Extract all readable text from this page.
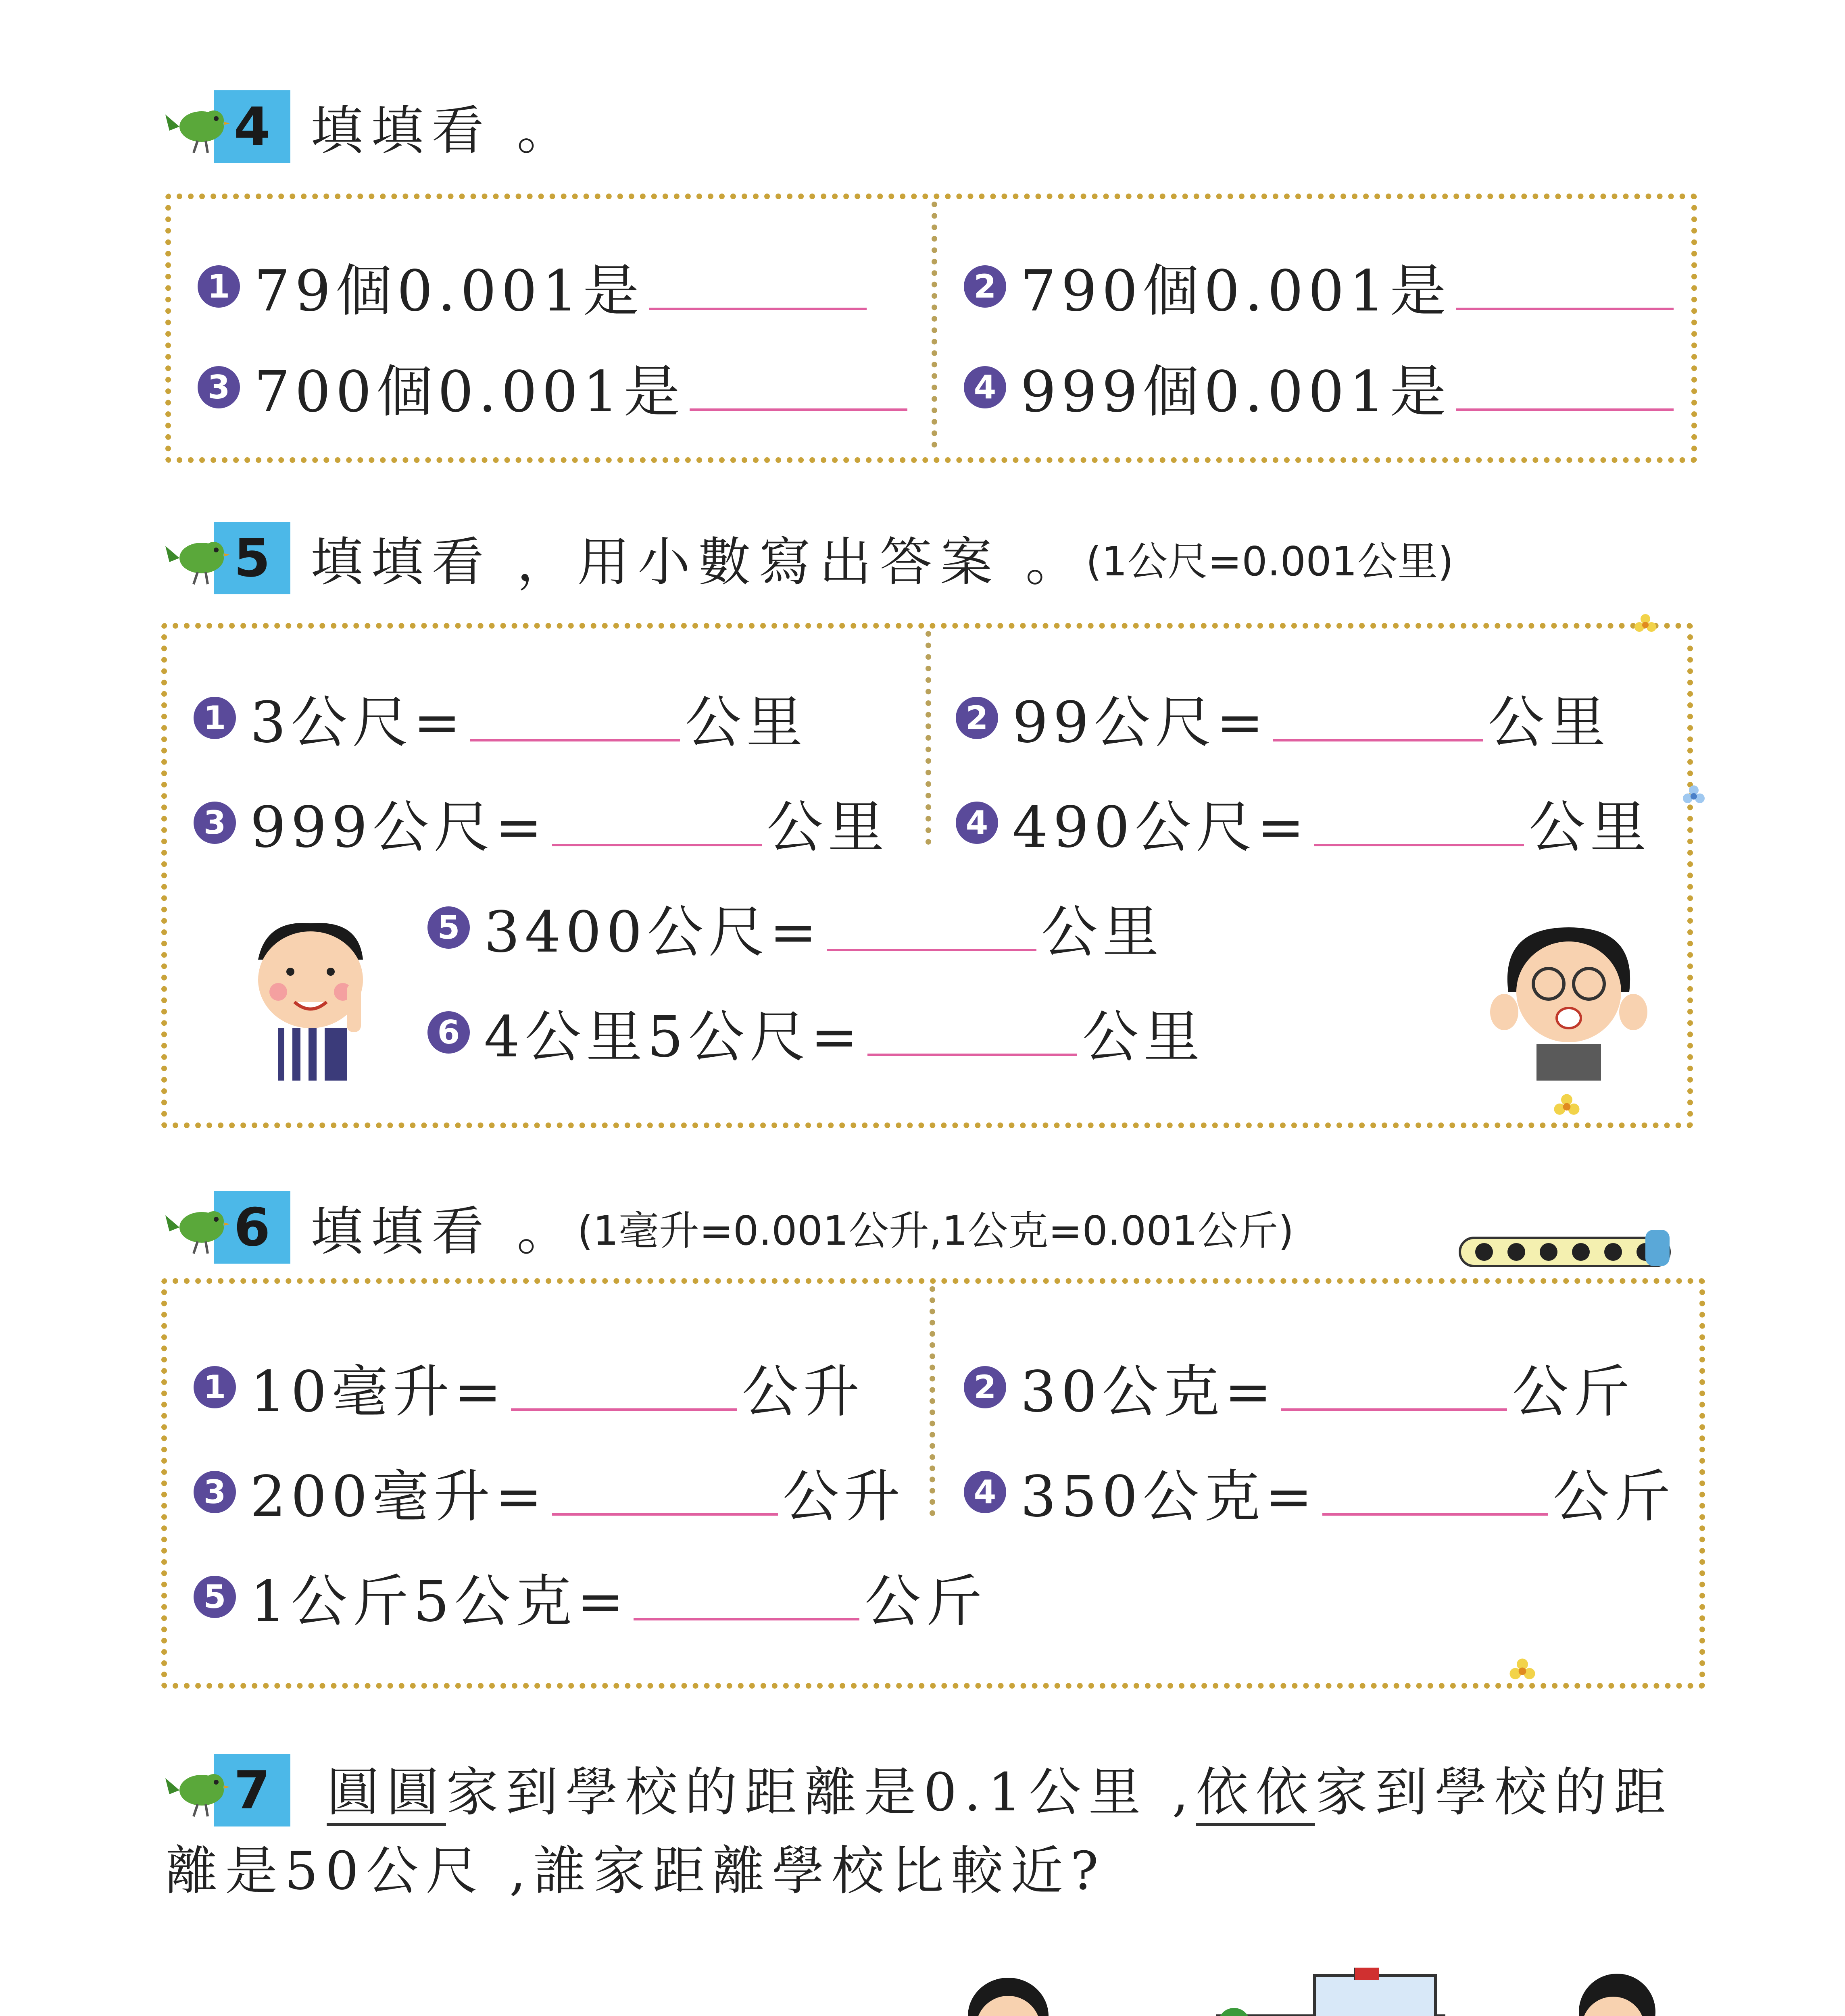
4 填填看 。
1 79個0.001是	2 790個0.001是
3 700個0.001是	4 999個0.001是
5 填填看 ，用小數寫出答案 。 (1公尺=0.001公里)
1 3公尺=	公里	2 99公尺=	公里
3 999公尺=	公里	4 490公尺=	公里
5 3400公尺=	公里
6 4公里5公尺=	公里
6 填填看 。 (1毫升=0.001公升,1公克=0.001公斤)
1 10毫升=	公升	2 30公克=	公斤
3 200毫升=	公升	4 350公克=	公斤
5 1公斤5公克=	公斤
7	圓圓家到學校的距離是0.1公里 ,依依家到學校的距
離是50公尺 ,誰家距離學校比較近?
